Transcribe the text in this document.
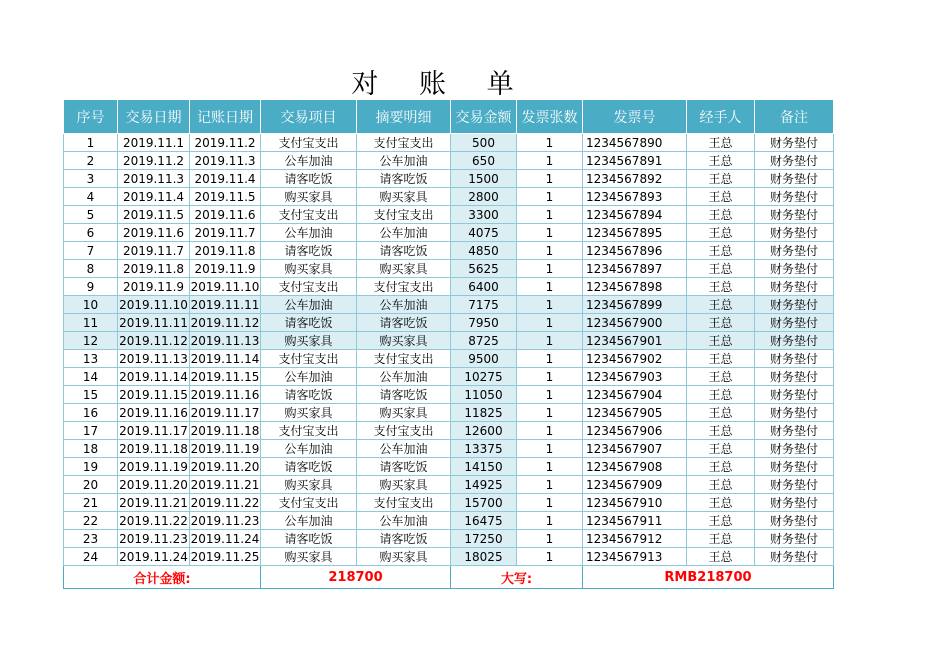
对 账 单
序号	交易日期	记账日期	交易项目	摘要明细	交易金额	发票张数	发票号	经手人	备注
1	2019.11.1	2019.11.2	支付宝支出	支付宝支出	500	1	1234567890	王总	财务垫付
2	2019.11.2	2019.11.3	公车加油	公车加油	650	1	1234567891	王总	财务垫付
3	2019.11.3	2019.11.4	请客吃饭	请客吃饭	1500	1	1234567892	王总	财务垫付
4	2019.11.4	2019.11.5	购买家具	购买家具	2800	1	1234567893	王总	财务垫付
5	2019.11.5	2019.11.6	支付宝支出	支付宝支出	3300	1	1234567894	王总	财务垫付
6	2019.11.6	2019.11.7	公车加油	公车加油	4075	1	1234567895	王总	财务垫付
7	2019.11.7	2019.11.8	请客吃饭	请客吃饭	4850	1	1234567896	王总	财务垫付
8	2019.11.8	2019.11.9	购买家具	购买家具	5625	1	1234567897	王总	财务垫付
9	2019.11.9	2019.11.10	支付宝支出	支付宝支出	6400	1	1234567898	王总	财务垫付
10	2019.11.10	2019.11.11	公车加油	公车加油	7175	1	1234567899	王总	财务垫付
11	2019.11.11	2019.11.12	请客吃饭	请客吃饭	7950	1	1234567900	王总	财务垫付
12	2019.11.12	2019.11.13	购买家具	购买家具	8725	1	1234567901	王总	财务垫付
13	2019.11.13	2019.11.14	支付宝支出	支付宝支出	9500	1	1234567902	王总	财务垫付
14	2019.11.14	2019.11.15	公车加油	公车加油	10275	1	1234567903	王总	财务垫付
15	2019.11.15	2019.11.16	请客吃饭	请客吃饭	11050	1	1234567904	王总	财务垫付
16	2019.11.16	2019.11.17	购买家具	购买家具	11825	1	1234567905	王总	财务垫付
17	2019.11.17	2019.11.18	支付宝支出	支付宝支出	12600	1	1234567906	王总	财务垫付
18	2019.11.18	2019.11.19	公车加油	公车加油	13375	1	1234567907	王总	财务垫付
19	2019.11.19	2019.11.20	请客吃饭	请客吃饭	14150	1	1234567908	王总	财务垫付
20	2019.11.20	2019.11.21	购买家具	购买家具	14925	1	1234567909	王总	财务垫付
21	2019.11.21	2019.11.22	支付宝支出	支付宝支出	15700	1	1234567910	王总	财务垫付
22	2019.11.22	2019.11.23	公车加油	公车加油	16475	1	1234567911	王总	财务垫付
23	2019.11.23	2019.11.24	请客吃饭	请客吃饭	17250	1	1234567912	王总	财务垫付
24	2019.11.24	2019.11.25	购买家具	购买家具	18025	1	1234567913	王总	财务垫付
合计金额:			218700		大写:		RMB218700		
